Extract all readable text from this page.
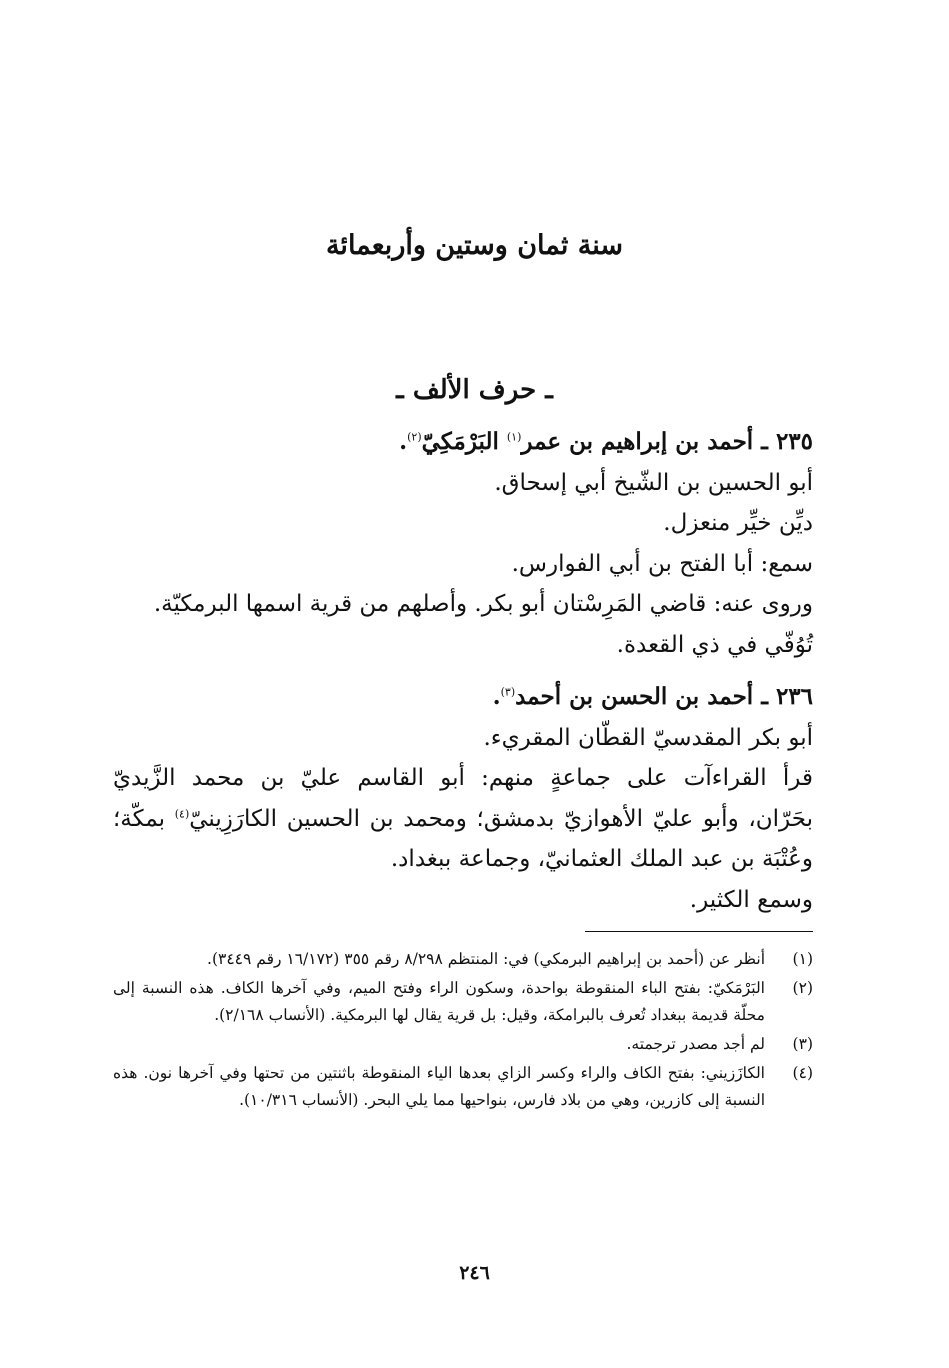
سنة ثمان وستين وأربعمائة
ـ حرف الألف ـ
٢٣٥ ـ أحمد بن إبراهيم بن عمر$^{(١)}$ البَرْمَكِيّ$^{(٢)}$.
أبو الحسين بن الشّيخ أبي إسحاق.
ديِّن خيِّر منعزل.
سمع: أبا الفتح بن أبي الفوارس.
وروى عنه: قاضي المَرِسْتان أبو بكر. وأصلهم من قرية اسمها البرمكيّة.
تُوُفّي في ذي القعدة.
٢٣٦ ـ أحمد بن الحسن بن أحمد$^{(٣)}$.
أبو بكر المقدسيّ القطّان المقريء.
قرأ القراءآت على جماعةٍ منهم: أبو القاسم عليّ بن محمد الزَّيديّ
بحَرّان، وأبو عليّ الأهوازيّ بدمشق؛ ومحمد بن الحسين الكارَزِينيّ$^{(٤)}$ بمكّة؛
وعُتْبَة بن عبد الملك العثمانيّ، وجماعة ببغداد.
وسمع الكثير.
(١)
أنظر عن (أحمد بن إبراهيم البرمكي) في: المنتظم ٨/٢٩٨ رقم ٣٥٥ (١٦/١٧٢ رقم ٣٤٤٩).
(٢)
البَرْمَكيّ: بفتح الباء المنقوطة بواحدة، وسكون الراء وفتح الميم، وفي آخرها الكاف. هذه النسبة إلى محلّة قديمة ببغداد تُعرف بالبرامكة، وقيل: بل قرية يقال لها البرمكية. (الأنساب ٢/١٦٨).
(٣)
لم أجد مصدر ترجمته.
(٤)
الكازَزيني: بفتح الكاف والراء وكسر الزاي بعدها الياء المنقوطة باثنتين من تحتها وفي آخرها نون. هذه النسبة إلى كازرين، وهي من بلاد فارس، بنواحيها مما يلي البحر. (الأنساب ١٠/٣١٦).
٢٤٦
